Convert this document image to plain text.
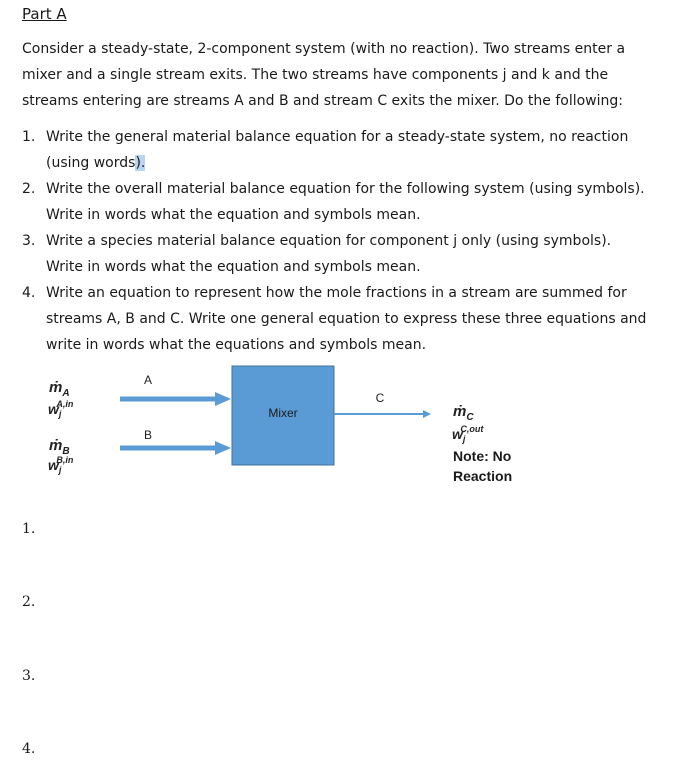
Part A

Consider a steady-state, 2-component system (with no reaction). Two streams enter a mixer and a single stream exits. The two streams have components j and k and the streams entering are streams A and B and stream C exits the mixer. Do the following:

1. Write the general material balance equation for a steady-state system, no reaction (using words).
2. Write the overall material balance equation for the following system (using symbols). Write in words what the equation and symbols mean.
3. Write a species material balance equation for component j only (using symbols). Write in words what the equation and symbols mean.
4. Write an equation to represent how the mole fractions in a stream are summed for streams A, B and C. Write one general equation to express these three equations and write in words what the equations and symbols mean.
ṁ$_A$
$w_jA,in$
ṁ$_B$
$w_jB,in$
A
B
Mixer
C
ṁ$_C$
$w_jC,out$
Note: No
Reaction
1.
2.
3.
4.
